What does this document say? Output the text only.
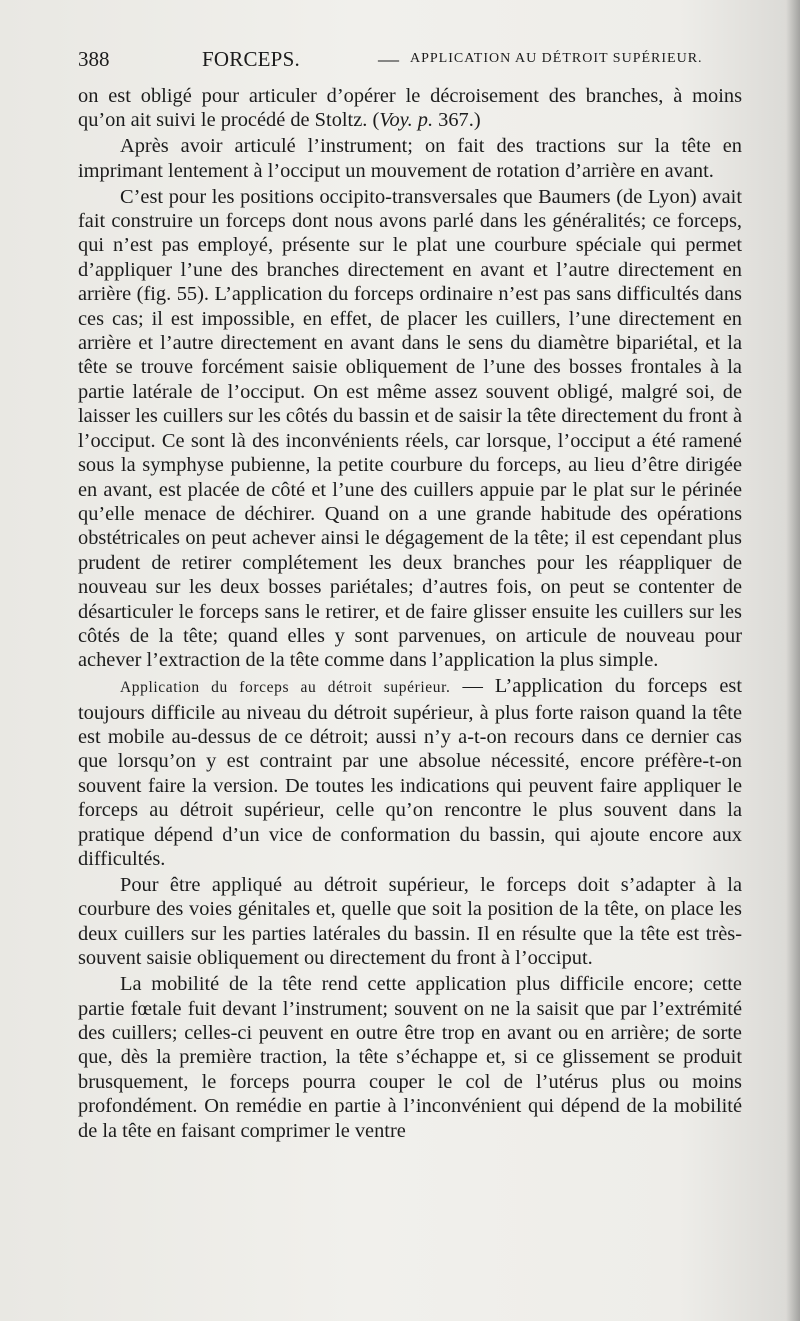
388	FORCEPS.	— APPLICATION AU DÉTROIT SUPÉRIEUR.

on est obligé pour articuler d’opérer le décroisement des branches, à moins qu’on ait suivi le procédé de Stoltz. (Voy. p. 367.)

Après avoir articulé l’instrument; on fait des tractions sur la tête en imprimant lentement à l’occiput un mouvement de rotation d’arrière en avant.

C’est pour les positions occipito-transversales que Baumers (de Lyon) avait fait construire un forceps dont nous avons parlé dans les généralités; ce forceps, qui n’est pas employé, présente sur le plat une courbure spéciale qui permet d’appliquer l’une des branches directement en avant et l’autre directement en arrière (fig. 55). L’application du forceps ordinaire n’est pas sans difficultés dans ces cas; il est impossible, en effet, de placer les cuillers, l’une directement en arrière et l’autre directement en avant dans le sens du diamètre bipariétal, et la tête se trouve forcément saisie obliquement de l’une des bosses frontales à la partie latérale de l’occiput. On est même assez souvent obligé, malgré soi, de laisser les cuillers sur les côtés du bassin et de saisir la tête directement du front à l’occiput. Ce sont là des inconvénients réels, car lorsque, l’occiput a été ramené sous la symphyse pubienne, la petite courbure du forceps, au lieu d’être dirigée en avant, est placée de côté et l’une des cuillers appuie par le plat sur le périnée qu’elle menace de déchirer. Quand on a une grande habitude des opérations obstétricales on peut achever ainsi le dégagement de la tête; il est cependant plus prudent de retirer complétement les deux branches pour les réappliquer de nouveau sur les deux bosses pariétales; d’autres fois, on peut se contenter de désarticuler le forceps sans le retirer, et de faire glisser ensuite les cuillers sur les côtés de la tête; quand elles y sont parvenues, on articule de nouveau pour achever l’extraction de la tête comme dans l’application la plus simple.

Application du forceps au détroit supérieur. — L’application du forceps est toujours difficile au niveau du détroit supérieur, à plus forte raison quand la tête est mobile au-dessus de ce détroit; aussi n’y a-t-on recours dans ce dernier cas que lorsqu’on y est contraint par une absolue nécessité, encore préfère-t-on souvent faire la version. De toutes les indications qui peuvent faire appliquer le forceps au détroit supérieur, celle qu’on rencontre le plus souvent dans la pratique dépend d’un vice de conformation du bassin, qui ajoute encore aux difficultés.

Pour être appliqué au détroit supérieur, le forceps doit s’adapter à la courbure des voies génitales et, quelle que soit la position de la tête, on place les deux cuillers sur les parties latérales du bassin. Il en résulte que la tête est très-souvent saisie obliquement ou directement du front à l’occiput.

La mobilité de la tête rend cette application plus difficile encore; cette partie fœtale fuit devant l’instrument; souvent on ne la saisit que par l’extrémité des cuillers; celles-ci peuvent en outre être trop en avant ou en arrière; de sorte que, dès la première traction, la tête s’échappe et, si ce glissement se produit brusquement, le forceps pourra couper le col de l’utérus plus ou moins profondément. On remédie en partie à l’inconvénient qui dépend de la mobilité de la tête en faisant comprimer le ventre
